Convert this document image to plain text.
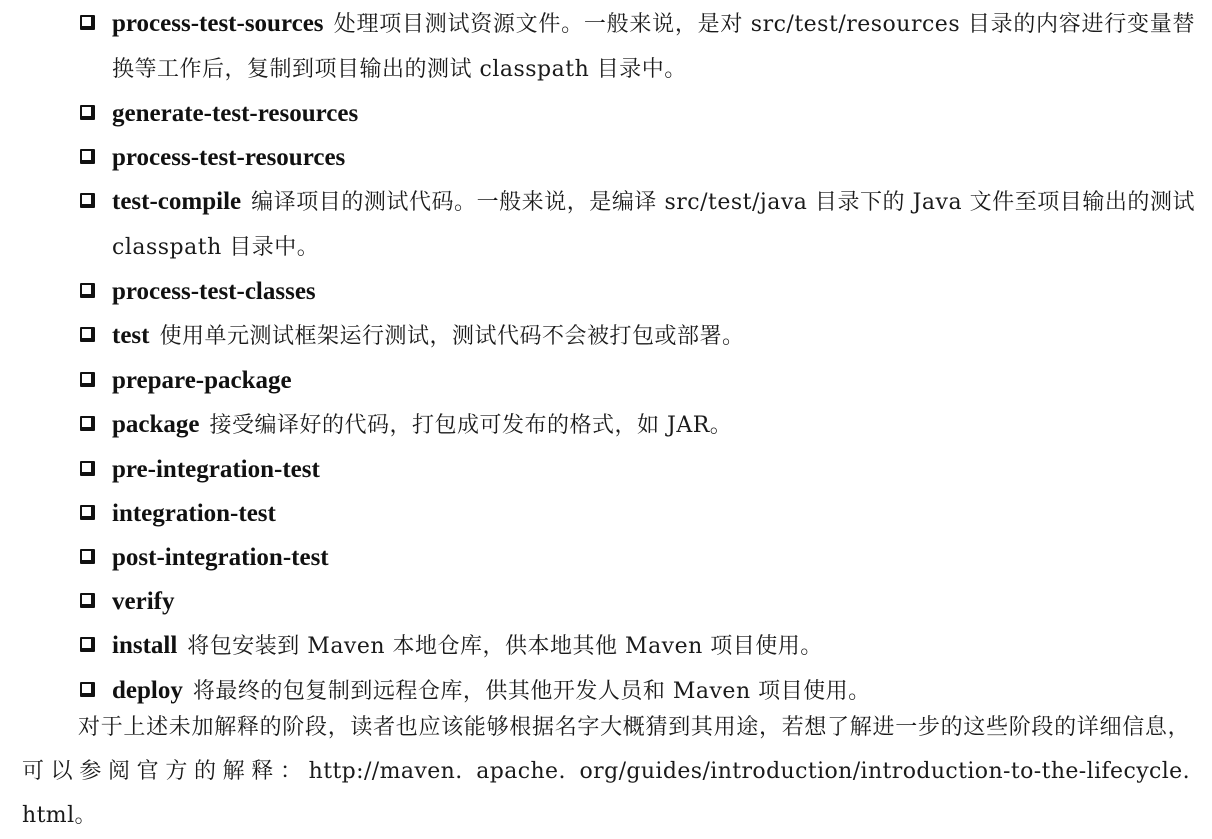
process-test-sources 处理项目测试资源文件。一般来说，是对 src/test/resources 目录的内容进行变量替换等工作后，复制到项目输出的测试 classpath 目录中。
generate-test-resources
process-test-resources
test-compile 编译项目的测试代码。一般来说，是编译 src/test/java 目录下的 Java 文件至项目输出的测试 classpath 目录中。
process-test-classes
test 使用单元测试框架运行测试，测试代码不会被打包或部署。
prepare-package
package 接受编译好的代码，打包成可发布的格式，如 JAR。
pre-integration-test
integration-test
post-integration-test
verify
install 将包安装到 Maven 本地仓库，供本地其他 Maven 项目使用。
deploy 将最终的包复制到远程仓库，供其他开发人员和 Maven 项目使用。
对于上述未加解释的阶段，读者也应该能够根据名字大概猜到其用途，若想了解进一步的这些阶段的详细信息，可以参阅官方的解释：http://maven. apache. org/guides/introduction/introduction-to-the-lifecycle. html。
